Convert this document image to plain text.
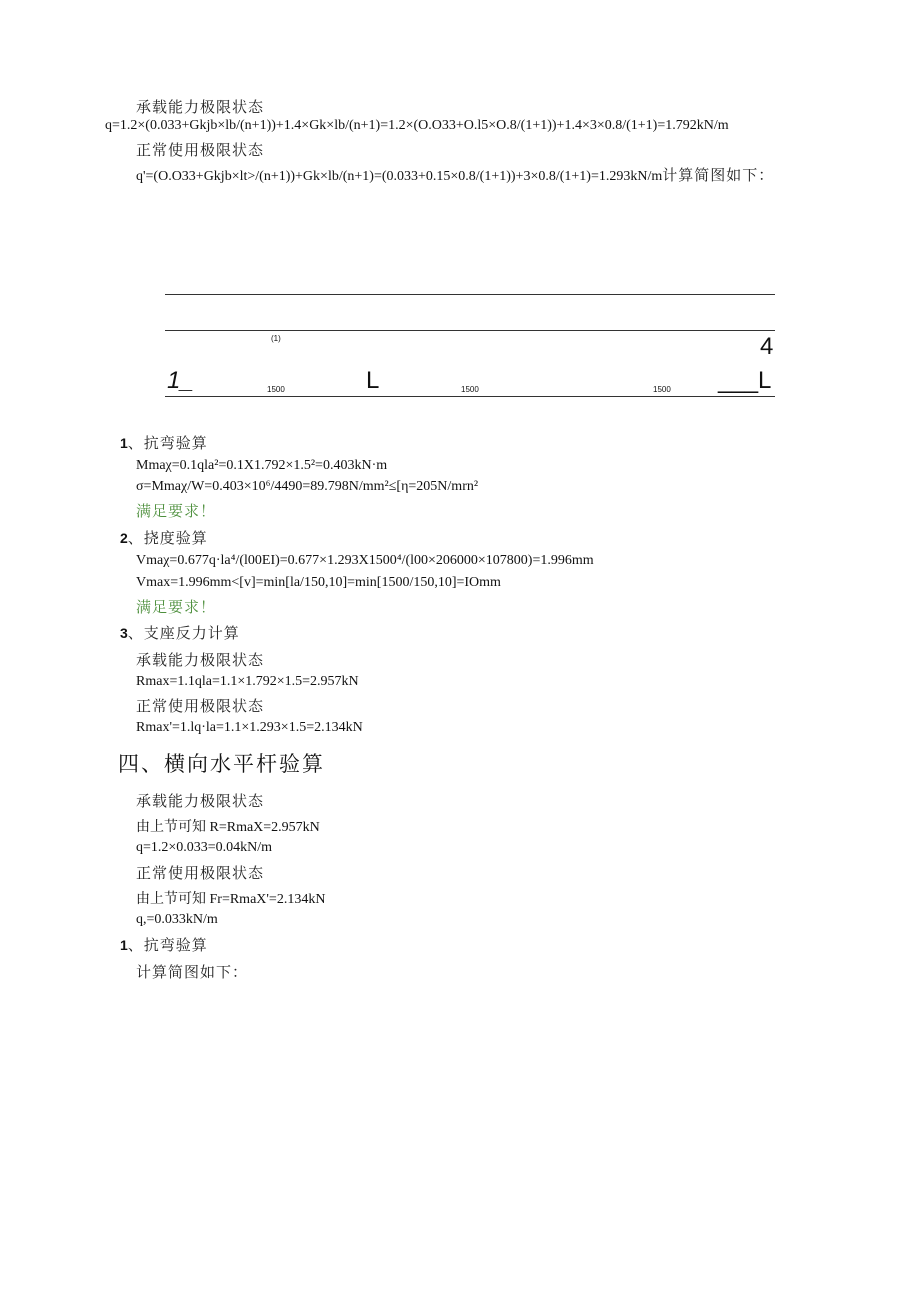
承载能力极限状态
q=1.2×(0.033+Gkjb×lb/(n+1))+1.4×Gk×lb/(n+1)=1.2×(O.O33+O.l5×O.8/(1+1))+1.4×3×0.8/(1+1)=1.792kN/m
正常使用极限状态
q'=(O.O33+Gkjb×lt>/(n+1))+Gk×lb/(n+1)=(0.033+0.15×0.8/(1+1))+3×0.8/(1+1)=1.293kN/m计算简图如下：
(1)	4
1_	1500	L	1500	1500 ___L
1、抗弯验算
Mmaχ=0.1qla²=0.1X1.792×1.5²=0.403kN·m
σ=Mmaχ/W=0.403×10⁶/4490=89.798N/mm²≤[η=205N/mrn²
满足要求！
2、挠度验算
Vmaχ=0.677q·la⁴/(l00EI)=0.677×1.293X1500⁴/(l00×206000×107800)=1.996mm
Vmax=1.996mm<[v]=min[la/150,10]=min[1500/150,10]=IOmm
满足要求！
3、支座反力计算
承载能力极限状态
Rmax=1.1qla=1.1×1.792×1.5=2.957kN
正常使用极限状态
Rmax'=1.lq·la=1.1×1.293×1.5=2.134kN
四、横向水平杆验算
承载能力极限状态
由上节可知 R=RmaX=2.957kN
q=1.2×0.033=0.04kN/m
正常使用极限状态
由上节可知 Fr=RmaX'=2.134kN
q,=0.033kN/m
1、抗弯验算
计算简图如下：
